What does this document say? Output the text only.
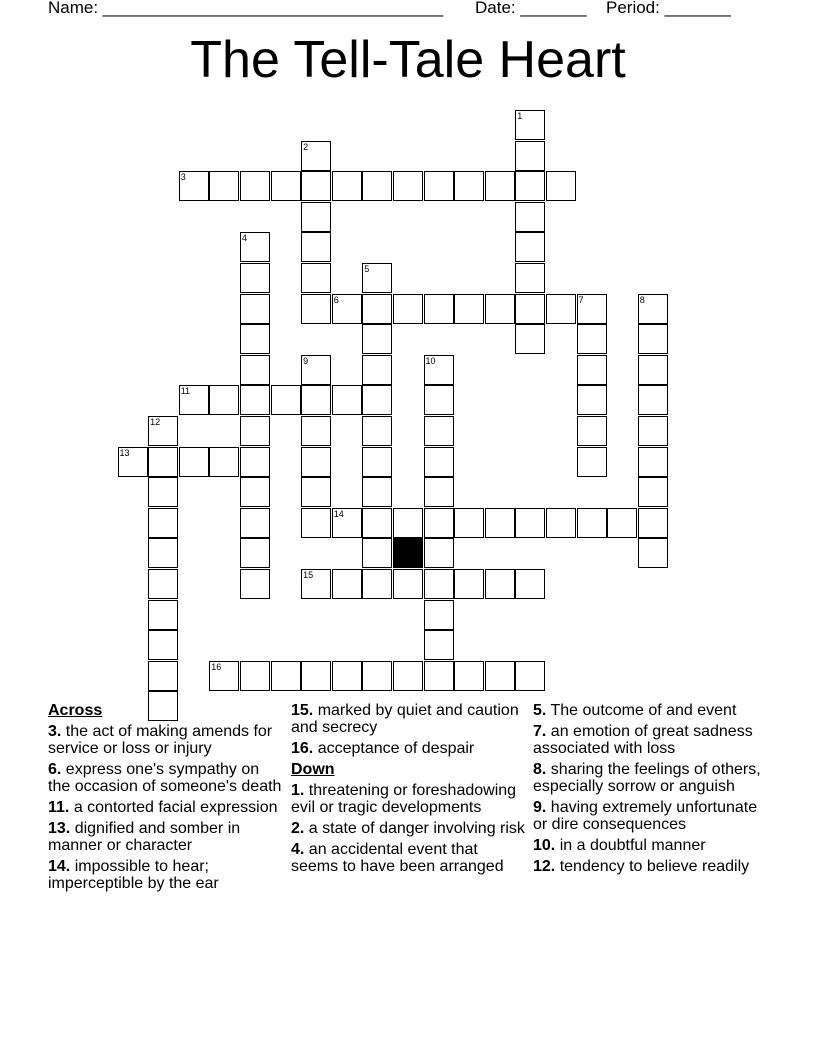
Name: ____________________________________ Date: _______ Period: _______
The Tell-Tale Heart
1
2
3
4
5
6	7	8
9	10
11
12
13
14
15
16
Across
3. the act of making amends for service or loss or injury
6. express one's sympathy on the occasion of someone's death
11. a contorted facial expression
13. dignified and somber in manner or character
14. impossible to hear; imperceptible by the ear
15. marked by quiet and caution and secrecy
16. acceptance of despair
Down
1. threatening or foreshadowing evil or tragic developments
2. a state of danger involving risk
4. an accidental event that seems to have been arranged
5. The outcome of and event
7. an emotion of great sadness associated with loss
8. sharing the feelings of others, especially sorrow or anguish
9. having extremely unfortunate or dire consequences
10. in a doubtful manner
12. tendency to believe readily
